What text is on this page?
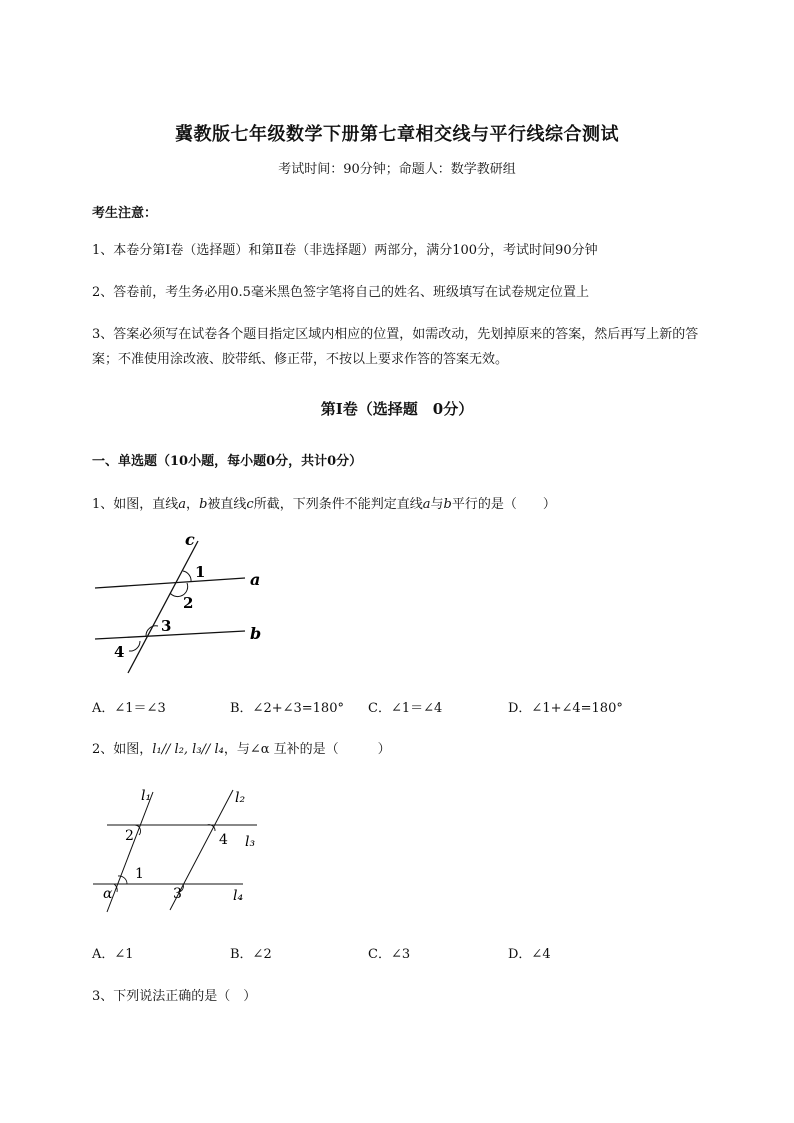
冀教版七年级数学下册第七章相交线与平行线综合测试
考试时间：90分钟；命题人：数学教研组
考生注意：
1、本卷分第I卷（选择题）和第Ⅱ卷（非选择题）两部分，满分100分，考试时间90分钟
2、答卷前，考生务必用0.5毫米黑色签字笔将自己的姓名、班级填写在试卷规定位置上
3、答案必须写在试卷各个题目指定区域内相应的位置，如需改动，先划掉原来的答案，然后再写上新的答案；不准使用涂改液、胶带纸、修正带，不按以上要求作答的答案无效。
第I卷（选择题　0分）
一、单选题（10小题，每小题0分，共计0分）
1、如图，直线a，b被直线c所截，下列条件不能判定直线a与b平行的是（　　）
c
a
b
1
2
3
4
A．∠1＝∠3	B．∠2+∠3=180° C．∠1＝∠4	D．∠1+∠4=180°
2、如图，l₁// l₂, l₃// l₄，与∠α 互补的是（　　　）
l₁	l₂
l₃
l₄
2	4
1
α	3
A．∠1	B．∠2	C．∠3	D．∠4
3、下列说法正确的是（　）
